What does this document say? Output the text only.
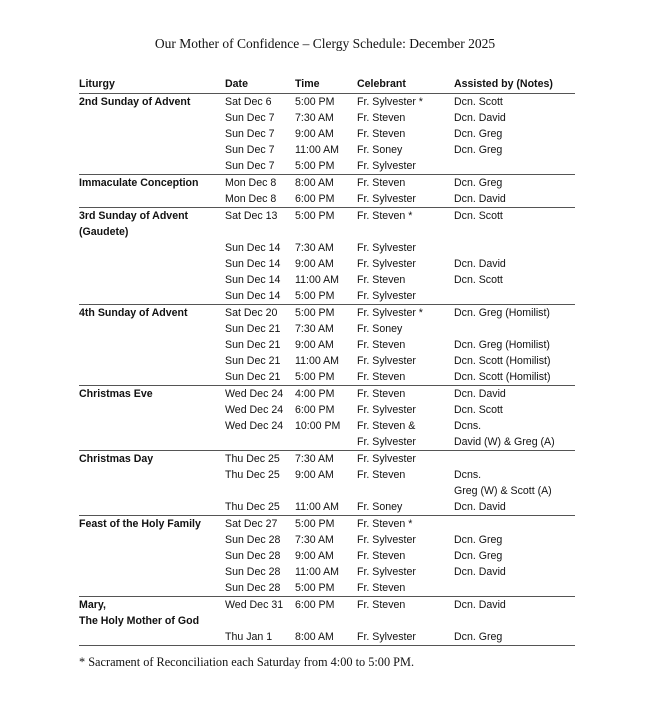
Our Mother of Confidence – Clergy Schedule: December 2025
Liturgy	Date	Time	Celebrant	Assisted by (Notes)
2nd Sunday of Advent	Sat Dec 6	5:00 PM	Fr. Sylvester *	Dcn. Scott
	Sun Dec 7	7:30 AM	Fr. Steven	Dcn. David
	Sun Dec 7	9:00 AM	Fr. Steven	Dcn. Greg
	Sun Dec 7	11:00 AM	Fr. Soney	Dcn. Greg
	Sun Dec 7	5:00 PM	Fr. Sylvester	
Immaculate Conception	Mon Dec 8	8:00 AM	Fr. Steven	Dcn. Greg
	Mon Dec 8	6:00 PM	Fr. Sylvester	Dcn. David
3rd Sunday of Advent	Sat Dec 13	5:00 PM	Fr. Steven *	Dcn. Scott
(Gaudete)				
	Sun Dec 14	7:30 AM	Fr. Sylvester	
	Sun Dec 14	9:00 AM	Fr. Sylvester	Dcn. David
	Sun Dec 14	11:00 AM	Fr. Steven	Dcn. Scott
	Sun Dec 14	5:00 PM	Fr. Sylvester	
4th Sunday of Advent	Sat Dec 20	5:00 PM	Fr. Sylvester *	Dcn. Greg (Homilist)
	Sun Dec 21	7:30 AM	Fr. Soney	
	Sun Dec 21	9:00 AM	Fr. Steven	Dcn. Greg (Homilist)
	Sun Dec 21	11:00 AM	Fr. Sylvester	Dcn. Scott (Homilist)
	Sun Dec 21	5:00 PM	Fr. Steven	Dcn. Scott (Homilist)
Christmas Eve	Wed Dec 24	4:00 PM	Fr. Steven	Dcn. David
	Wed Dec 24	6:00 PM	Fr. Sylvester	Dcn. Scott
	Wed Dec 24	10:00 PM	Fr. Steven &	Dcns.
			Fr. Sylvester	David (W) & Greg (A)
Christmas Day	Thu Dec 25	7:30 AM	Fr. Sylvester	
	Thu Dec 25	9:00 AM	Fr. Steven	Dcns.
				Greg (W) & Scott (A)
	Thu Dec 25	11:00 AM	Fr. Soney	Dcn. David
Feast of the Holy Family	Sat Dec 27	5:00 PM	Fr. Steven *	
	Sun Dec 28	7:30 AM	Fr. Sylvester	Dcn. Greg
	Sun Dec 28	9:00 AM	Fr. Steven	Dcn. Greg
	Sun Dec 28	11:00 AM	Fr. Sylvester	Dcn. David
	Sun Dec 28	5:00 PM	Fr. Steven	
Mary,	Wed Dec 31	6:00 PM	Fr. Steven	Dcn. David
The Holy Mother of God				
	Thu Jan 1	8:00 AM	Fr. Sylvester	Dcn. Greg
* Sacrament of Reconciliation each Saturday from 4:00 to 5:00 PM.
